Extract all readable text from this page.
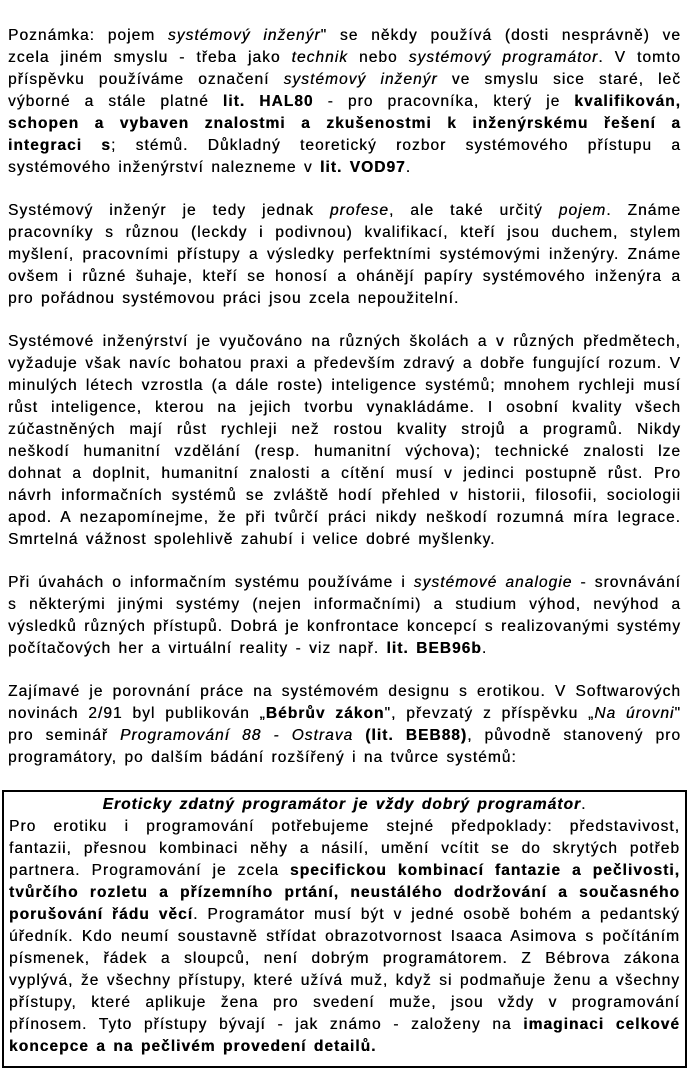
Poznámka: pojem systémový inženýr" se někdy používá (dosti nesprávně) ve zcela jiném smyslu - třeba jako technik nebo systémový programátor. V tomto příspěvku používáme označení systémový inženýr ve smyslu sice staré, leč výborné a stále platné lit. HAL80 - pro pracovníka, který je kvalifikován, schopen a vybaven znalostmi a zkušenostmi k inženýrskému řešení a integraci s; stémů. Důkladný teoretický rozbor systémového přístupu a systémového inženýrství nalezneme v lit. VOD97.

Systémový inženýr je tedy jednak profese, ale také určitý pojem. Známe pracovníky s různou (leckdy i podivnou) kvalifikací, kteří jsou duchem, stylem myšlení, pracovními přístupy a výsledky perfektními systémovými inženýry. Známe ovšem i různé šuhaje, kteří se honosí a ohánějí papíry systémového inženýra a pro pořádnou systémovou práci jsou zcela nepoužitelní.

Systémové inženýrství je vyučováno na různých školách a v různých předmětech, vyžaduje však navíc bohatou praxi a především zdravý a dobře fungující rozum. V minulých létech vzrostla (a dále roste) inteligence systémů; mnohem rychleji musí růst inteligence, kterou na jejich tvorbu vynakládáme. I osobní kvality všech zúčastněných mají růst rychleji než rostou kvality strojů a programů. Nikdy neškodí humanitní vzdělání (resp. humanitní výchova); technické znalosti lze dohnat a doplnit, humanitní znalosti a cítění musí v jedinci postupně růst. Pro návrh informačních systémů se zvláště hodí přehled v historii, filosofii, sociologii apod. A nezapomínejme, že při tvůrčí práci nikdy neškodí rozumná míra legrace. Smrtelná vážnost spolehlivě zahubí i velice dobré myšlenky.

Při úvahách o informačním systému používáme i systémové analogie - srovnávání s některými jinými systémy (nejen informačními) a studium výhod, nevýhod a výsledků různých přístupů. Dobrá je konfrontace koncepcí s realizovanými systémy počítačových her a virtuální reality - viz např. lit. BEB96b.

Zajímavé je porovnání práce na systémovém designu s erotikou. V Softwarových novinách 2/91 byl publikován „Bébrův zákon", převzatý z příspěvku „Na úrovni" pro seminář Programování 88 - Ostrava (lit. BEB88), původně stanovený pro programátory, po dalším bádání rozšířený i na tvůrce systémů:

Eroticky zdatný programátor je vždy dobrý programátor.

Pro erotiku i programování potřebujeme stejné předpoklady: představivost, fantazii, přesnou kombinaci něhy a násilí, umění vcítit se do skrytých potřeb partnera. Programování je zcela specifickou kombinací fantazie a pečlivosti, tvůrčího rozletu a přízemního prtání, neustálého dodržování a současného porušování řádu věcí. Programátor musí být v jedné osobě bohém a pedantský úředník. Kdo neumí soustavně střídat obrazotvornost Isaaca Asimova s počítáním písmenek, řádek a sloupců, není dobrým programátorem. Z Bébrova zákona vyplývá, že všechny přístupy, které užívá muž, když si podmaňuje ženu a všechny přístupy, které aplikuje žena pro svedení muže, jsou vždy v programování přínosem. Tyto přístupy bývají - jak známo - založeny na imaginaci celkové koncepce a na pečlivém provedení detailů.
